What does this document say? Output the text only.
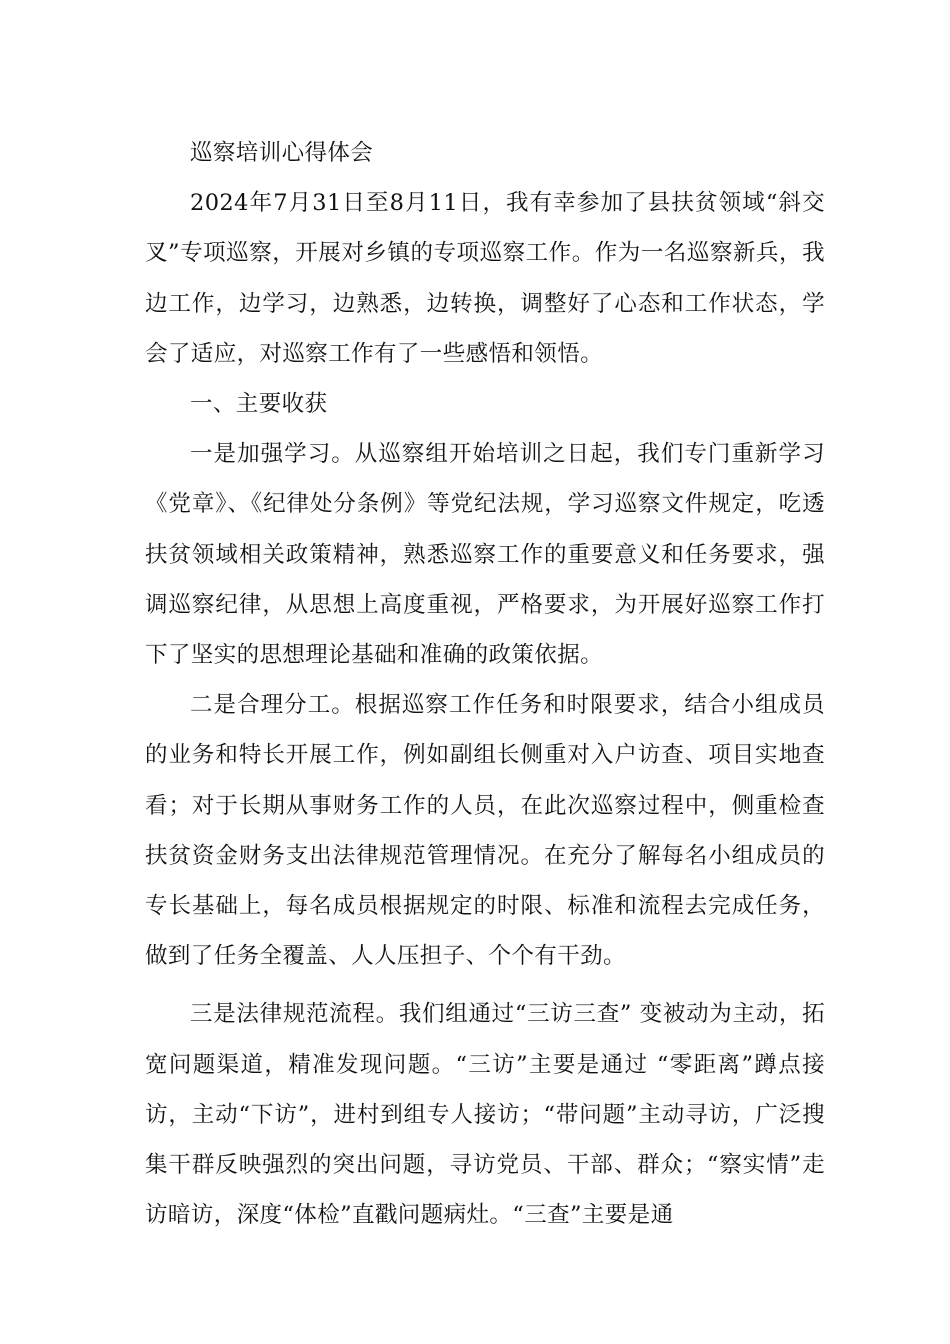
巡察培训心得体会

2024年7月31日至8月11日，我有幸参加了县扶贫领域“斜交叉”专项巡察，开展对乡镇的专项巡察工作。作为一名巡察新兵，我边工作，边学习，边熟悉，边转换，调整好了心态和工作状态，学会了适应，对巡察工作有了一些感悟和领悟。

一、主要收获

一是加强学习。从巡察组开始培训之日起，我们专门重新学习《党章》、《纪律处分条例》等党纪法规，学习巡察文件规定，吃透扶贫领域相关政策精神，熟悉巡察工作的重要意义和任务要求，强调巡察纪律，从思想上高度重视，严格要求，为开展好巡察工作打下了坚实的思想理论基础和准确的政策依据。

二是合理分工。根据巡察工作任务和时限要求，结合小组成员的业务和特长开展工作，例如副组长侧重对入户访查、项目实地查看；对于长期从事财务工作的人员，在此次巡察过程中，侧重检查扶贫资金财务支出法律规范管理情况。在充分了解每名小组成员的专长基础上，每名成员根据规定的时限、标准和流程去完成任务，做到了任务全覆盖、人人压担子、个个有干劲。

三是法律规范流程。我们组通过“三访三查” 变被动为主动，拓宽问题渠道，精准发现问题。“三访”主要是通过 “零距离”蹲点接访，主动“下访”，进村到组专人接访；“带问题”主动寻访，广泛搜集干群反映强烈的突出问题，寻访党员、干部、群众；“察实情”走访暗访，深度“体检”直戳问题病灶。“三查”主要是通
